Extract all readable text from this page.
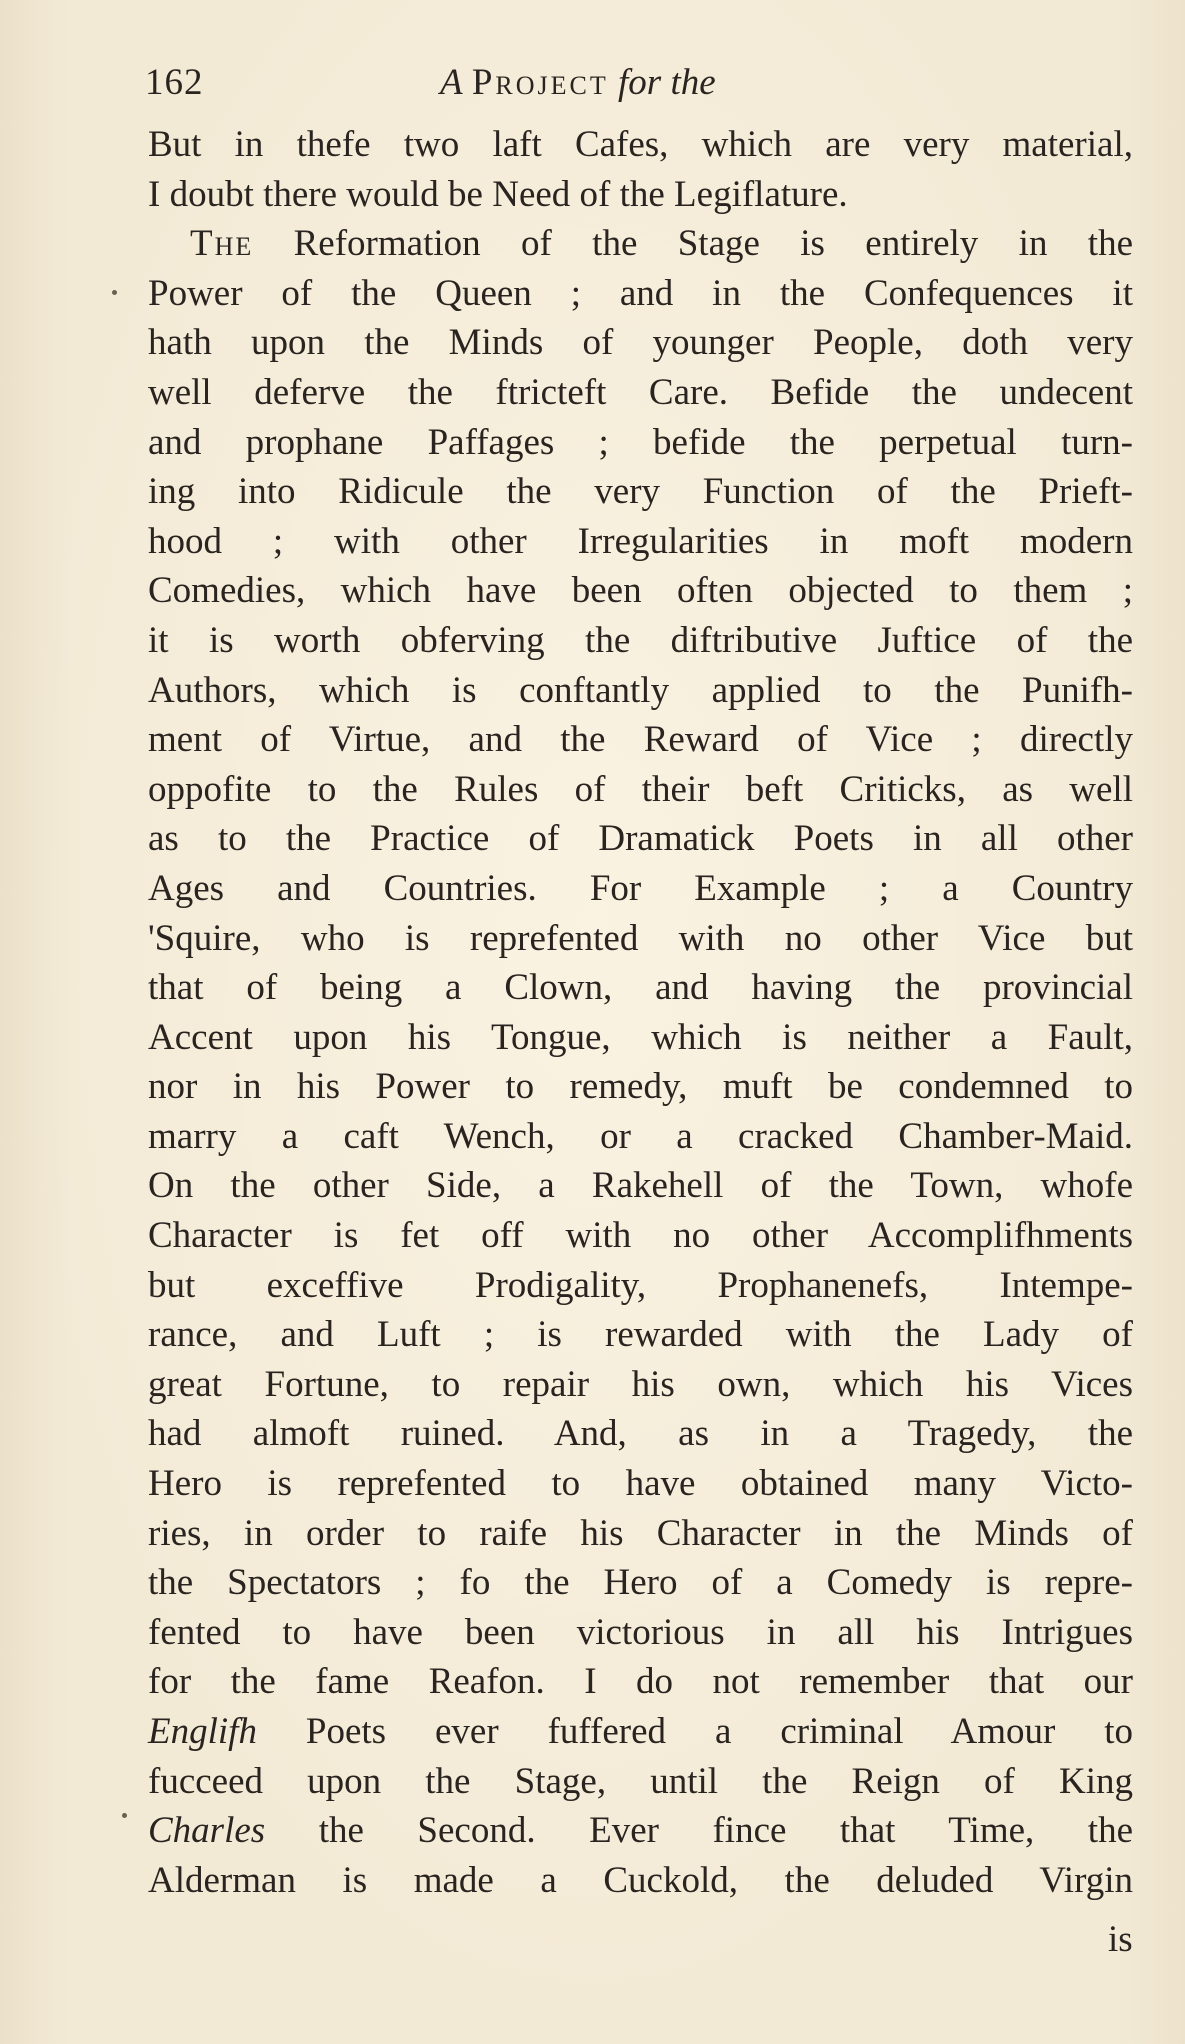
162	A Project for the
But in thefe two laft Cafes, which are very material,
I doubt there would be Need of the Legiflature.
The Reformation of the Stage is entirely in the
Power of the Queen ; and in the Confequences it
hath upon the Minds of younger People, doth very
well deferve the ftricteft Care. Befide the undecent
and prophane Paffages ; befide the perpetual turn-
ing into Ridicule the very Function of the Prieft-
hood ; with other Irregularities in moft modern
Comedies, which have been often objected to them ;
it is worth obferving the diftributive Juftice of the
Authors, which is conftantly applied to the Punifh-
ment of Virtue, and the Reward of Vice ; directly
oppofite to the Rules of their beft Criticks, as well
as to the Practice of Dramatick Poets in all other
Ages and Countries. For Example ; a Country
'Squire, who is reprefented with no other Vice but
that of being a Clown, and having the provincial
Accent upon his Tongue, which is neither a Fault,
nor in his Power to remedy, muft be condemned to
marry a caft Wench, or a cracked Chamber-Maid.
On the other Side, a Rakehell of the Town, whofe
Character is fet off with no other Accomplifhments
but exceffive Prodigality, Prophanenefs, Intempe-
rance, and Luft ; is rewarded with the Lady of
great Fortune, to repair his own, which his Vices
had almoft ruined. And, as in a Tragedy, the
Hero is reprefented to have obtained many Victo-
ries, in order to raife his Character in the Minds of
the Spectators ; fo the Hero of a Comedy is repre-
fented to have been victorious in all his Intrigues
for the fame Reafon. I do not remember that our
Englifh Poets ever fuffered a criminal Amour to
fucceed upon the Stage, until the Reign of King
Charles the Second. Ever fince that Time, the
Alderman is made a Cuckold, the deluded Virgin
is
